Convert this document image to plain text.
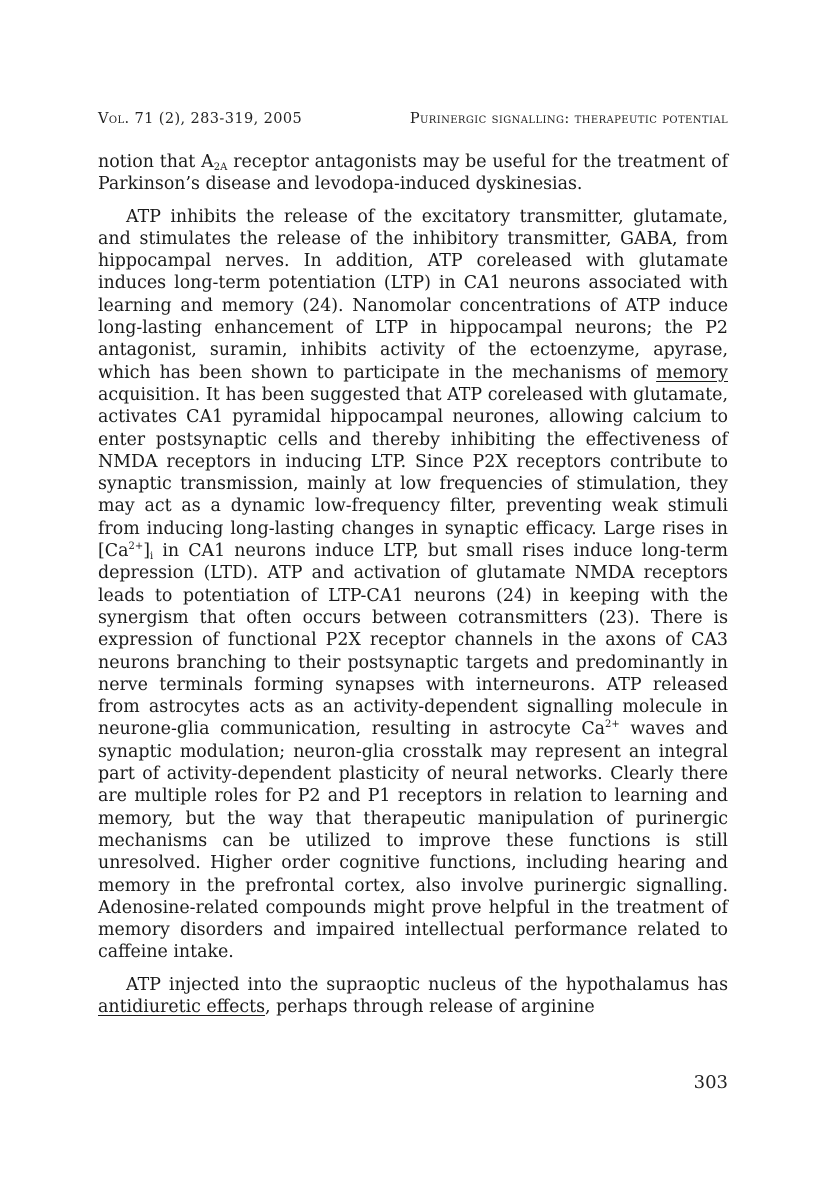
Vol. 71 (2), 283-319, 2005	Purinergic signalling: therapeutic potential

notion that $A_{2A}$ receptor antagonists may be useful for the treatment of Parkinson’s disease and levodopa-induced dyskinesias.

ATP inhibits the release of the excitatory transmitter, glutamate, and stimulates the release of the inhibitory transmitter, GABA, from hippocampal nerves. In addition, ATP coreleased with glutamate induces long-term potentiation (LTP) in CA1 neurons associated with learning and memory (24). Nanomolar concentrations of ATP induce long-lasting enhancement of LTP in hippocampal neurons; the P2 antagonist, suramin, inhibits activity of the ectoenzyme, apyrase, which has been shown to participate in the mechanisms of memory acquisition. It has been suggested that ATP coreleased with glutamate, activates CA1 pyramidal hippocampal neurones, allowing calcium to enter postsynaptic cells and thereby inhibiting the effectiveness of NMDA receptors in inducing LTP. Since P2X receptors contribute to synaptic transmission, mainly at low frequencies of stimulation, they may act as a dynamic low-frequency filter, preventing weak stimuli from inducing long-lasting changes in synaptic efficacy. Large rises in $[Ca^{2+}]_i$ in CA1 neurons induce LTP, but small rises induce long-term depression (LTD). ATP and activation of glutamate NMDA receptors leads to potentiation of LTP-CA1 neurons (24) in keeping with the synergism that often occurs between cotransmitters (23). There is expression of functional P2X receptor channels in the axons of CA3 neurons branching to their postsynaptic targets and predominantly in nerve terminals forming synapses with interneurons. ATP released from astrocytes acts as an activity-dependent signalling molecule in neurone-glia communication, resulting in astrocyte $Ca^{2+}$ waves and synaptic modulation; neuron-glia crosstalk may represent an integral part of activity-dependent plasticity of neural networks. Clearly there are multiple roles for P2 and P1 receptors in relation to learning and memory, but the way that therapeutic manipulation of purinergic mechanisms can be utilized to improve these functions is still unresolved. Higher order cognitive functions, including hearing and memory in the prefrontal cortex, also involve purinergic signalling. Adenosine-related compounds might prove helpful in the treatment of memory disorders and impaired intellectual performance related to caffeine intake.

ATP injected into the supraoptic nucleus of the hypothalamus has antidiuretic effects, perhaps through release of arginine

303
